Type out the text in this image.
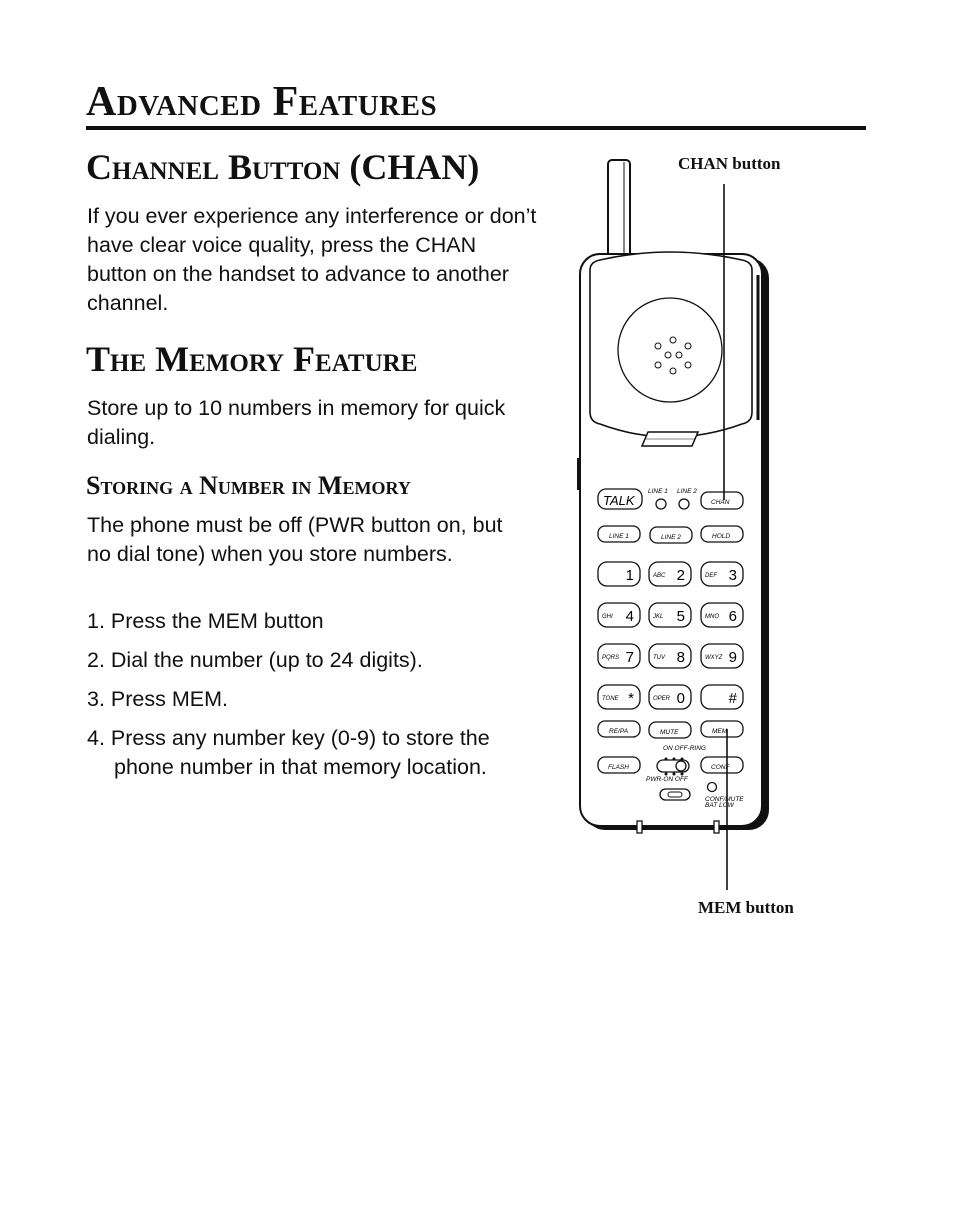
Advanced Features
Channel Button (CHAN)
If you ever experience any interference or don’t have clear voice quality, press the CHAN button on the handset to advance to another channel.
The Memory Feature
Store up to 10 numbers in memory for quick dialing.
Storing a Number in Memory
The phone must be off (PWR button on, but no dial tone) when you store numbers.
1. Press the MEM button
2. Dial the number (up to 24 digits).
3. Press MEM.
4. Press any number key (0-9) to store the phone number in that memory location.
CHAN button
MEM button
TALK
LINE 1 LINE 2
CHAN
LINE 1	LINE 2	HOLD
1	ABC 2	DEF 3
GHI 4	JKL 5	MNO 6
PQRS 7	TUV 8	WXYZ 9
TONE *	OPER 0	#
RE/PA	MUTE	MEM
ON OFF-RING
FLASH	CONF
PWR-ON OFF
CONF/MUTE
BAT LOW
